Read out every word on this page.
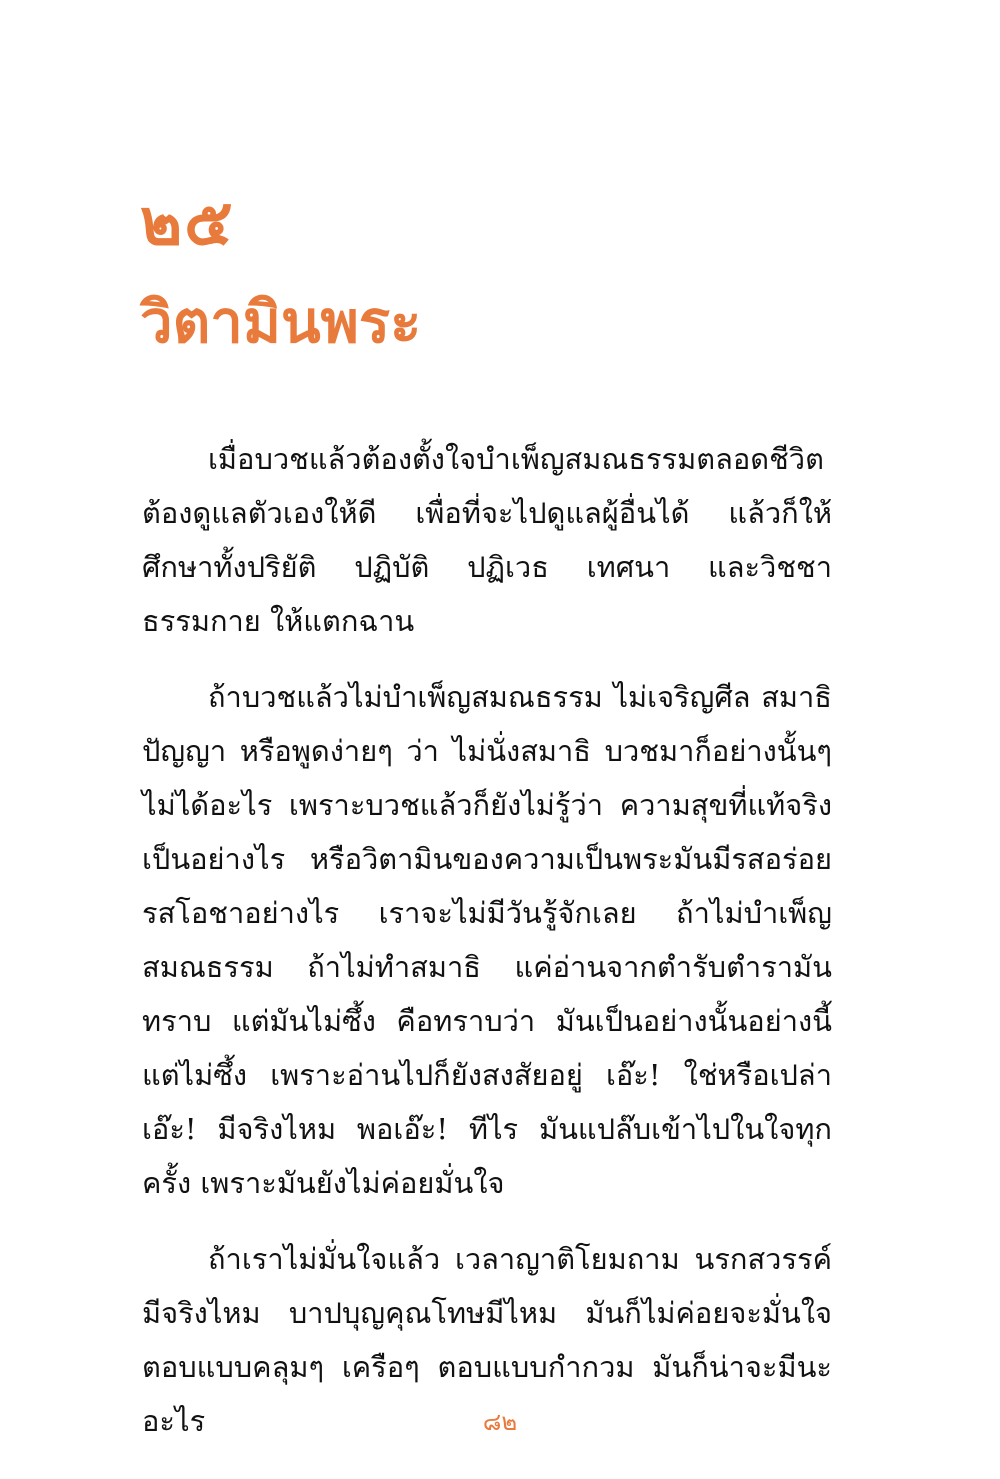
๒๕
วิตามินพระ

เมื่อบวชแล้วต้องตั้งใจบำเพ็ญสมณธรรมตลอดชีวิต ต้องดูแลตัวเองให้ดี เพื่อที่จะไปดูแลผู้อื่นได้ แล้วก็ให้ศึกษาทั้งปริยัติ ปฏิบัติ ปฏิเวธ เทศนา และวิชชาธรรมกาย ให้แตกฉาน

ถ้าบวชแล้วไม่บำเพ็ญสมณธรรม ไม่เจริญศีล สมาธิ ปัญญา หรือพูดง่ายๆ ว่า ไม่นั่งสมาธิ บวชมาก็อย่างนั้นๆ ไม่ได้อะไร เพราะบวชแล้วก็ยังไม่รู้ว่า ความสุขที่แท้จริงเป็นอย่างไร หรือวิตามินของความเป็นพระมันมีรสอร่อย รสโอชาอย่างไร เราจะไม่มีวันรู้จักเลย ถ้าไม่บำเพ็ญสมณธรรม ถ้าไม่ทำสมาธิ แค่อ่านจากตำรับตำรามันทราบ แต่มันไม่ซึ้ง คือทราบว่า มันเป็นอย่างนั้นอย่างนี้ แต่ไม่ซึ้ง เพราะอ่านไปก็ยังสงสัยอยู่ เอ๊ะ! ใช่หรือเปล่า เอ๊ะ! มีจริงไหม พอเอ๊ะ! ทีไร มันแปล๊บเข้าไปในใจทุกครั้ง เพราะมันยังไม่ค่อยมั่นใจ

ถ้าเราไม่มั่นใจแล้ว เวลาญาติโยมถาม นรกสวรรค์มีจริงไหม บาปบุญคุณโทษมีไหม มันก็ไม่ค่อยจะมั่นใจ ตอบแบบคลุมๆ เครือๆ ตอบแบบกำกวม มันก็น่าจะมีนะอะไร	๘๒
